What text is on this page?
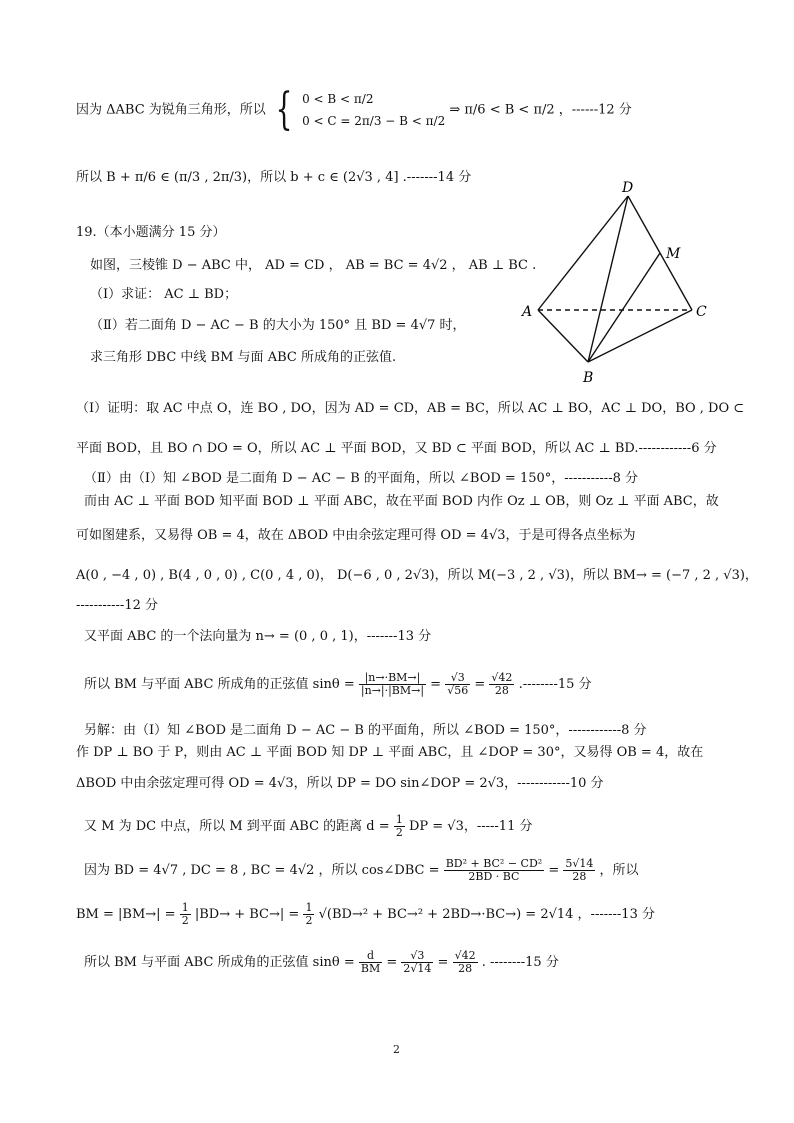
因为 ΔABC 为锐角三角形，所以 { 0 < B < π/2
0 < C = 2π/3 − B < π/2
⇒ π/6 < B < π/2 ，------12 分
所以 B + π/6 ∈ (π/3 , 2π/3)，所以 b + c ∈ (2√3 , 4] .-------14 分
19.（本小题满分 15 分）
如图，三棱锥 D − ABC 中， AD = CD ， AB = BC = 4√2 ， AB ⊥ BC .
（Ⅰ）求证： AC ⊥ BD；
（Ⅱ）若二面角 D − AC − B 的大小为 150° 且 BD = 4√7 时，
求三角形 DBC 中线 BM 与面 ABC 所成角的正弦值.
D
M
A	C
B
（Ⅰ）证明：取 AC 中点 O，连 BO , DO，因为 AD = CD，AB = BC，所以 AC ⊥ BO，AC ⊥ DO，BO , DO ⊂
平面 BOD，且 BO ∩ DO = O，所以 AC ⊥ 平面 BOD，又 BD ⊂ 平面 BOD，所以 AC ⊥ BD.------------6 分
（Ⅱ）由（Ⅰ）知 ∠BOD 是二面角 D − AC − B 的平面角，所以 ∠BOD = 150°，-----------8 分
而由 AC ⊥ 平面 BOD 知平面 BOD ⊥ 平面 ABC，故在平面 BOD 内作 Oz ⊥ OB，则 Oz ⊥ 平面 ABC，故
可如图建系，又易得 OB = 4，故在 ΔBOD 中由余弦定理可得 OD = 4√3，于是可得各点坐标为
A(0 , −4 , 0) , B(4 , 0 , 0) , C(0 , 4 , 0)， D(−6 , 0 , 2√3)，所以 M(−3 , 2 , √3)，所以 BM→ = (−7 , 2 , √3)，
-----------12 分
又平面 ABC 的一个法向量为 n→ = (0 , 0 , 1)，-------13 分
所以 BM 与平面 ABC 所成角的正弦值 $\sin\theta = \frac{|n\to\cdot BM\to|}{|n\to|\cdot|BM\to|} = \frac{√3}{√56} = \frac{√42}{28} .--------15$ 分
另解：由（Ⅰ）知 ∠BOD 是二面角 D − AC − B 的平面角，所以 ∠BOD = 150°，------------8 分
作 DP ⊥ BO 于 P，则由 AC ⊥ 平面 BOD 知 DP ⊥ 平面 ABC，且 ∠DOP = 30°，又易得 OB = 4，故在
ΔBOD 中由余弦定理可得 OD = 4√3，所以 DP = DO sin∠DOP = 2√3，------------10 分
又 M 为 DC 中点，所以 M 到平面 ABC 的距离 $d = \frac{1}{2}$ DP = √3，-----11 分
因为 BD = 4√7 , DC = 8 , BC = 4√2 ，所以 cos∠DBC = $\frac{\text{BD² + BC² − CD²}}{2BD \cdot BC} = \frac{5√14}{28}$ ，所以
BM = $|BM\to| = \frac{1}{2} |BD\to + BC\to| = \frac{1}{2} √(BD\to^2 + BC\to^2 + 2BD\to\cdot BC\to) = 2√14$ ，-------13 分
所以 BM 与平面 ABC 所成角的正弦值 $\sin\theta = \frac{d}{BM} = \frac{√3}{2√14} = \frac{√42}{28}$ . --------15 分
2
